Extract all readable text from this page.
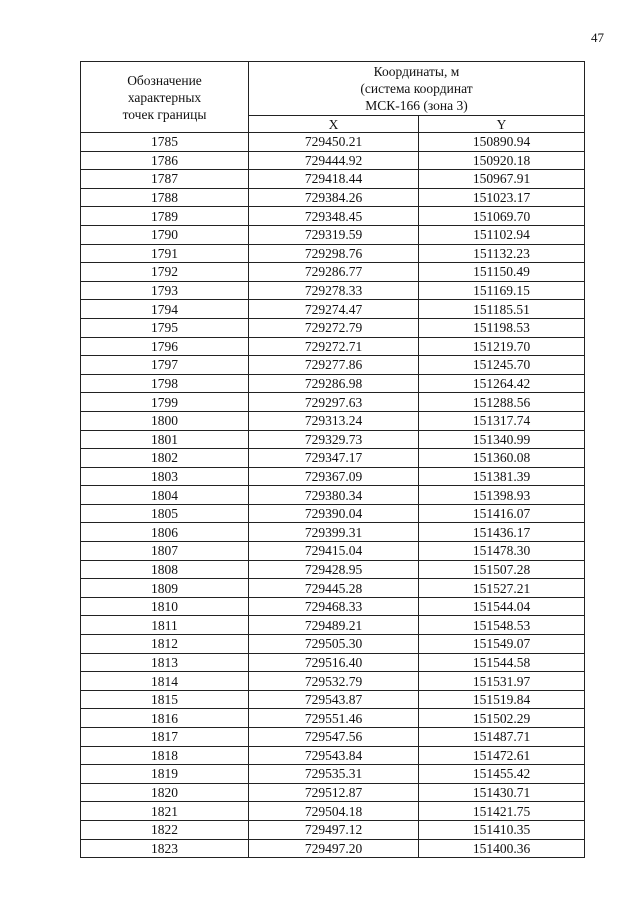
47
Обозначение
характерных
точек границы	Координаты, м
(система координат
МСК-166 (зона 3)	

	X	Y
1785	729450.21	150890.94
1786	729444.92	150920.18
1787	729418.44	150967.91
1788	729384.26	151023.17
1789	729348.45	151069.70
1790	729319.59	151102.94
1791	729298.76	151132.23
1792	729286.77	151150.49
1793	729278.33	151169.15
1794	729274.47	151185.51
1795	729272.79	151198.53
1796	729272.71	151219.70
1797	729277.86	151245.70
1798	729286.98	151264.42
1799	729297.63	151288.56
1800	729313.24	151317.74
1801	729329.73	151340.99
1802	729347.17	151360.08
1803	729367.09	151381.39
1804	729380.34	151398.93
1805	729390.04	151416.07
1806	729399.31	151436.17
1807	729415.04	151478.30
1808	729428.95	151507.28
1809	729445.28	151527.21
1810	729468.33	151544.04
1811	729489.21	151548.53
1812	729505.30	151549.07
1813	729516.40	151544.58
1814	729532.79	151531.97
1815	729543.87	151519.84
1816	729551.46	151502.29
1817	729547.56	151487.71
1818	729543.84	151472.61
1819	729535.31	151455.42
1820	729512.87	151430.71
1821	729504.18	151421.75
1822	729497.12	151410.35
1823	729497.20	151400.36
